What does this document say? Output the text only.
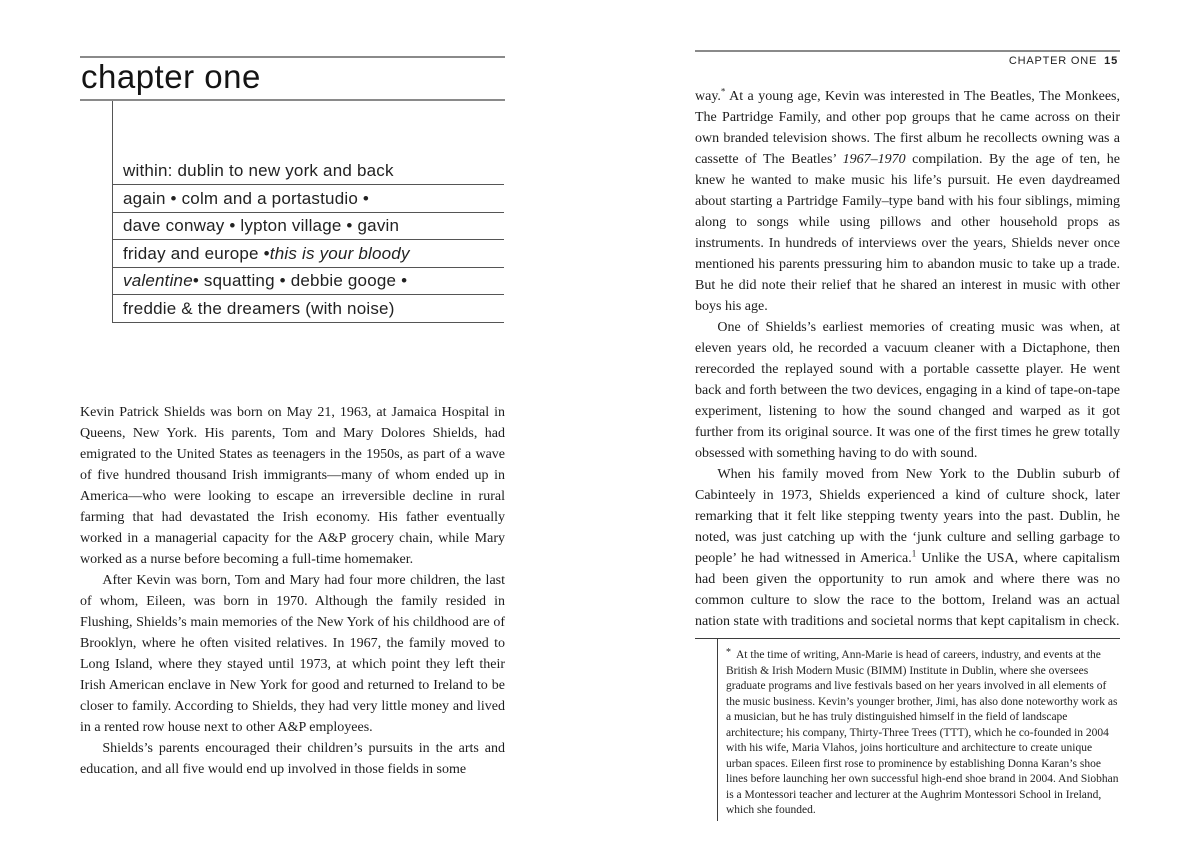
chapter one
within: dublin to new york and back
again • colm and a portastudio •
dave conway • lypton village • gavin
friday and europe • this is your bloody
valentine • squatting • debbie googe •
freddie & the dreamers (with noise)

Kevin Patrick Shields was born on May 21, 1963, at Jamaica Hospital in Queens, New York. His parents, Tom and Mary Dolores Shields, had emigrated to the United States as teenagers in the 1950s, as part of a wave of five hundred thousand Irish immigrants—many of whom ended up in America—who were looking to escape an irreversible decline in rural farming that had devastated the Irish economy. His father eventually worked in a managerial capacity for the A&P grocery chain, while Mary worked as a nurse before becoming a full-time homemaker.

After Kevin was born, Tom and Mary had four more children, the last of whom, Eileen, was born in 1970. Although the family resided in Flushing, Shields’s main memories of the New York of his childhood are of Brooklyn, where he often visited relatives. In 1967, the family moved to Long Island, where they stayed until 1973, at which point they left their Irish American enclave in New York for good and returned to Ireland to be closer to family. According to Shields, they had very little money and lived in a rented row house next to other A&P employees.

Shields’s parents encouraged their children’s pursuits in the arts and education, and all five would end up involved in those fields in some

CHAPTER ONE 15

way.* At a young age, Kevin was interested in The Beatles, The Monkees, The Partridge Family, and other pop groups that he came across on their own branded television shows. The first album he recollects owning was a cassette of The Beatles’ 1967–1970 compilation. By the age of ten, he knew he wanted to make music his life’s pursuit. He even daydreamed about starting a Partridge Family–type band with his four siblings, miming along to songs while using pillows and other household props as instruments. In hundreds of interviews over the years, Shields never once mentioned his parents pressuring him to abandon music to take up a trade. But he did note their relief that he shared an interest in music with other boys his age.

One of Shields’s earliest memories of creating music was when, at eleven years old, he recorded a vacuum cleaner with a Dictaphone, then rerecorded the replayed sound with a portable cassette player. He went back and forth between the two devices, engaging in a kind of tape-on-tape experiment, listening to how the sound changed and warped as it got further from its original source. It was one of the first times he grew totally obsessed with something having to do with sound.

When his family moved from New York to the Dublin suburb of Cabinteely in 1973, Shields experienced a kind of culture shock, later remarking that it felt like stepping twenty years into the past. Dublin, he noted, was just catching up with the ‘junk culture and selling garbage to people’ he had witnessed in America.$^1$ Unlike the USA, where capitalism had been given the opportunity to run amok and where there was no common culture to slow the race to the bottom, Ireland was an actual nation state with traditions and societal norms that kept capitalism in check.

* At the time of writing, Ann-Marie is head of careers, industry, and events at the British & Irish Modern Music (BIMM) Institute in Dublin, where she oversees graduate programs and live festivals based on her years involved in all elements of the music business. Kevin’s younger brother, Jimi, has also done noteworthy work as a musician, but he has truly distinguished himself in the field of landscape architecture; his company, Thirty-Three Trees (TTT), which he co-founded in 2004 with his wife, Maria Vlahos, joins horticulture and architecture to create unique urban spaces. Eileen first rose to prominence by establishing Donna Karan’s shoe lines before launching her own successful high-end shoe brand in 2004. And Siobhan is a Montessori teacher and lecturer at the Aughrim Montessori School in Ireland, which she founded.
